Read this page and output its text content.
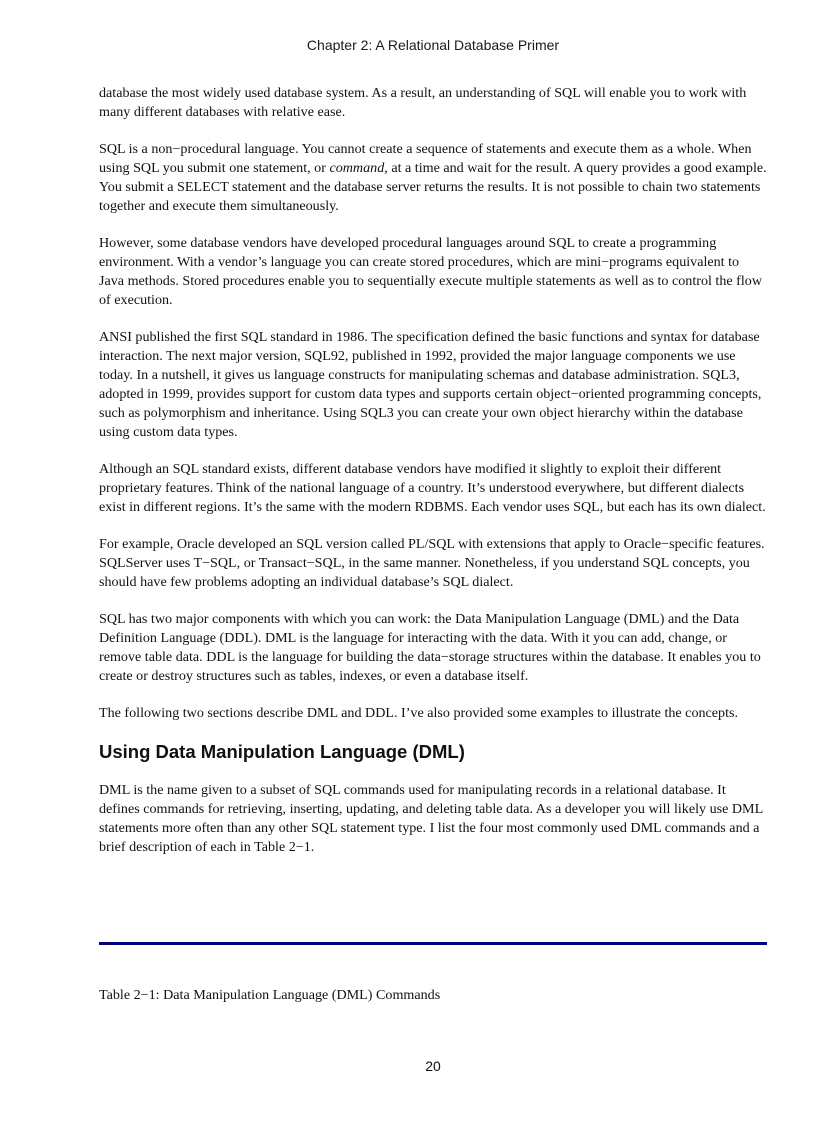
Chapter 2: A Relational Database Primer

database the most widely used database system. As a result, an understanding of SQL will enable you to work with many different databases with relative ease.

SQL is a non−procedural language. You cannot create a sequence of statements and execute them as a whole. When using SQL you submit one statement, or command, at a time and wait for the result. A query provides a good example. You submit a SELECT statement and the database server returns the results. It is not possible to chain two statements together and execute them simultaneously.

However, some database vendors have developed procedural languages around SQL to create a programming environment. With a vendor’s language you can create stored procedures, which are mini−programs equivalent to Java methods. Stored procedures enable you to sequentially execute multiple statements as well as to control the flow of execution.

ANSI published the first SQL standard in 1986. The specification defined the basic functions and syntax for database interaction. The next major version, SQL92, published in 1992, provided the major language components we use today. In a nutshell, it gives us language constructs for manipulating schemas and database administration. SQL3, adopted in 1999, provides support for custom data types and supports certain object−oriented programming concepts, such as polymorphism and inheritance. Using SQL3 you can create your own object hierarchy within the database using custom data types.

Although an SQL standard exists, different database vendors have modified it slightly to exploit their different proprietary features. Think of the national language of a country. It’s understood everywhere, but different dialects exist in different regions. It’s the same with the modern RDBMS. Each vendor uses SQL, but each has its own dialect.

For example, Oracle developed an SQL version called PL/SQL with extensions that apply to Oracle−specific features. SQLServer uses T−SQL, or Transact−SQL, in the same manner. Nonetheless, if you understand SQL concepts, you should have few problems adopting an individual database’s SQL dialect.

SQL has two major components with which you can work: the Data Manipulation Language (DML) and the Data Definition Language (DDL). DML is the language for interacting with the data. With it you can add, change, or remove table data. DDL is the language for building the data−storage structures within the database. It enables you to create or destroy structures such as tables, indexes, or even a database itself.

The following two sections describe DML and DDL. I’ve also provided some examples to illustrate the concepts.

Using Data Manipulation Language (DML)

DML is the name given to a subset of SQL commands used for manipulating records in a relational database. It defines commands for retrieving, inserting, updating, and deleting table data. As a developer you will likely use DML statements more often than any other SQL statement type. I list the four most commonly used DML commands and a brief description of each in Table 2−1.

Table 2−1: Data Manipulation Language (DML) Commands
20
